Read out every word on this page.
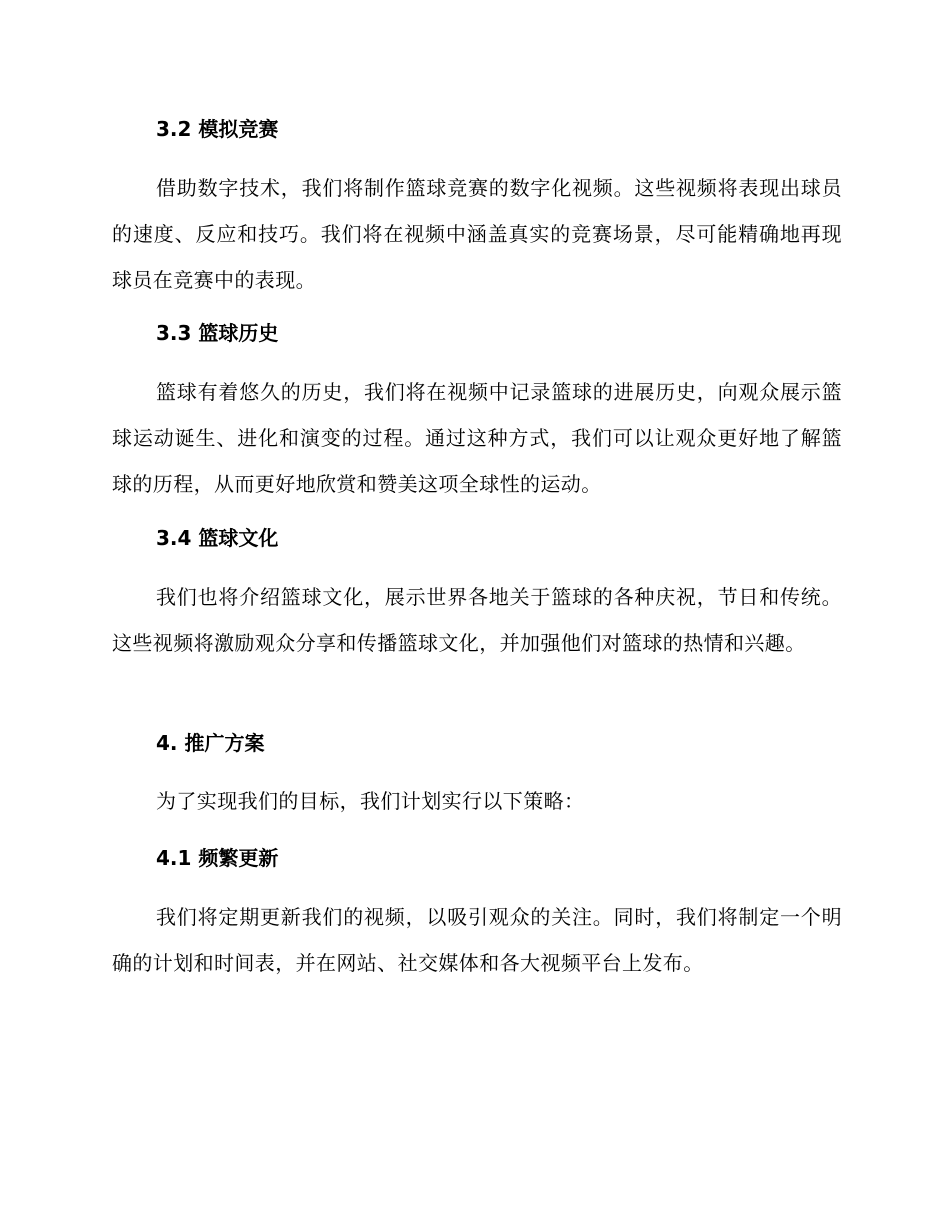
3.2 模拟竞赛
借助数字技术，我们将制作篮球竞赛的数字化视频。这些视频将表现出球员的速度、反应和技巧。我们将在视频中涵盖真实的竞赛场景，尽可能精确地再现球员在竞赛中的表现。
3.3 篮球历史
篮球有着悠久的历史，我们将在视频中记录篮球的进展历史，向观众展示篮球运动诞生、进化和演变的过程。通过这种方式，我们可以让观众更好地了解篮球的历程，从而更好地欣赏和赞美这项全球性的运动。
3.4 篮球文化
我们也将介绍篮球文化，展示世界各地关于篮球的各种庆祝，节日和传统。这些视频将激励观众分享和传播篮球文化，并加强他们对篮球的热情和兴趣。
4. 推广方案
为了实现我们的目标，我们计划实行以下策略：
4.1 频繁更新
我们将定期更新我们的视频，以吸引观众的关注。同时，我们将制定一个明确的计划和时间表，并在网站、社交媒体和各大视频平台上发布。
